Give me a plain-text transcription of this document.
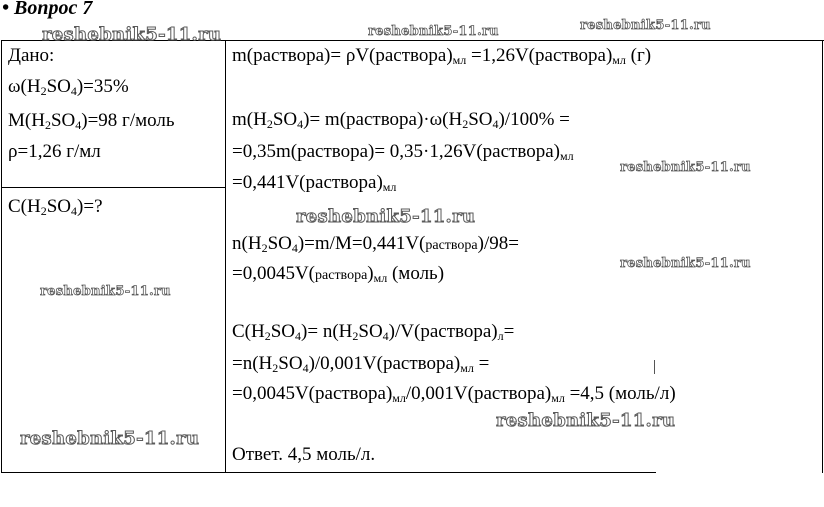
• Вопрос 7
Дано:
$\omega(H_2SO_4)=35\%$
$M(H_2SO_4)=98$ г/моль
ρ=1,26 г/мл
$C(H_2SO_4)=$?
m(раствора)= $\rho V(раствора)_{мл}$ $=1,26V(раствора)_{мл}$ (г)
$m(H_2SO_4)=$ $m(раствора)\cdot\omega(H_2SO_4)/100\%$ =
=0,35m(раствора)= $0,35\cdot 1,26V(раствора)_{мл}$
$=0,441V(раствора)_{мл}$
$n(H_2SO_4)=m/M=0,441V(раствора)/98=$
$=0,0045V(раствора)_{мл}$ (моль)
$C(H_2SO_4)=$ $n(H_2SO_4)/V(раствора)_л=$
$=n(H_2SO_4)/0,001V(раствора)_{мл}$ =
$=0,0045V(раствора)_{мл}/0,001V(раствора)_{мл} =4,5$ (моль/л)
Ответ. 4,5 моль/л.
reshebnik5-11.ru	reshebnik5-11.ru	reshebnik5-11.ru
reshebnik5-11.ru
reshebnik5-11.ru
reshebnik5-11.ru
reshebnik5-11.ru
reshebnik5-11.ru
reshebnik5-11.ru
